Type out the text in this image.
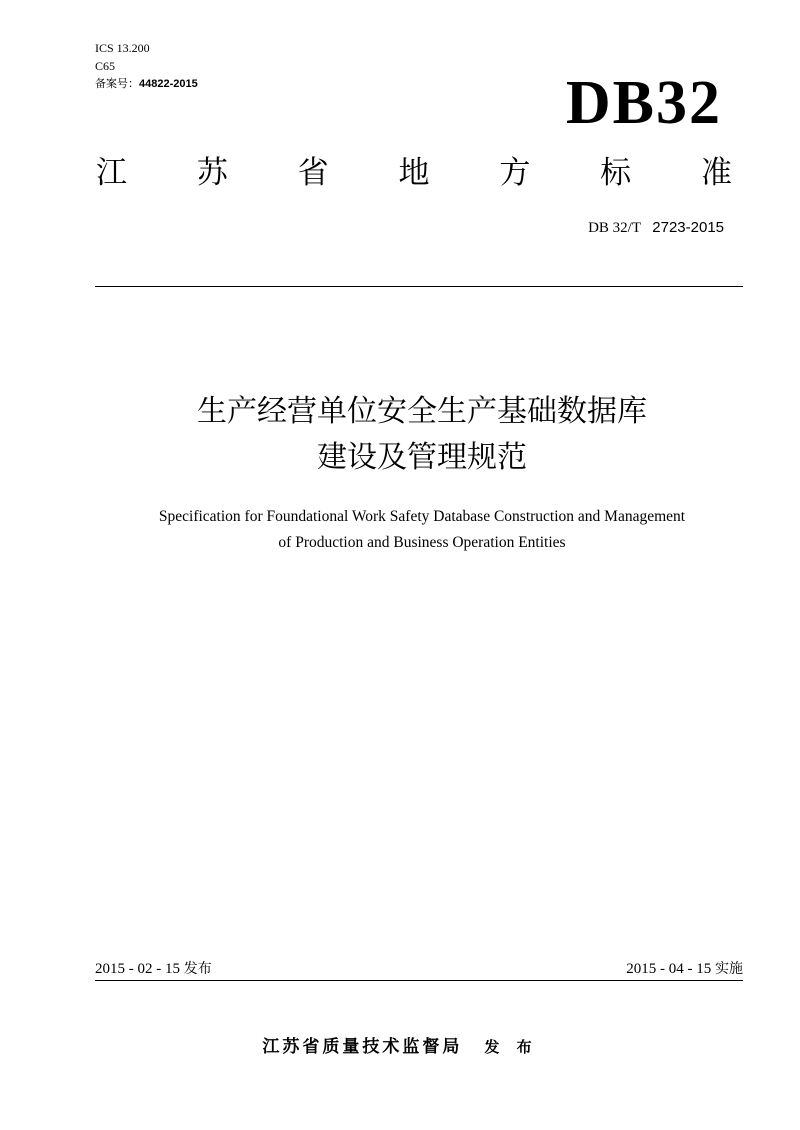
ICS 13.200
C65
备案号：44822-2015	DB32
江 苏 省 地 方 标 准
DB 32/T 2723-2015
生产经营单位安全生产基础数据库
建设及管理规范
Specification for Foundational Work Safety Database Construction and Management
of Production and Business Operation Entities
2015 - 02 - 15 发布	2015 - 04 - 15 实施
江苏省质量技术监督局 发 布
